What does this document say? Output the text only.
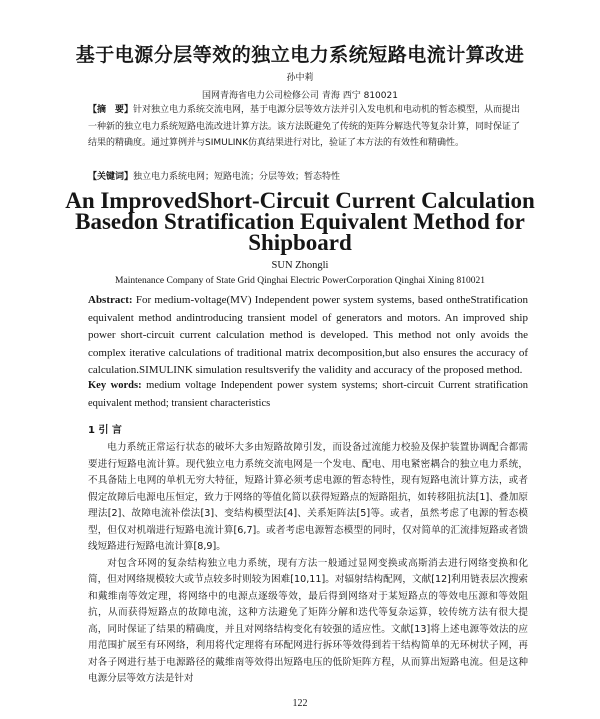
基于电源分层等效的独立电力系统短路电流计算改进
孙中莉
国网青海省电力公司检修公司 青海 西宁 810021
【摘　要】针对独立电力系统交流电网，基于电源分层等效方法并引入发电机和电动机的暂态模型，从而提出一种新的独立电力系统短路电流改进计算方法。该方法既避免了传统的矩阵分解迭代等复杂计算，同时保证了结果的精确度。通过算例并与SIMULINK仿真结果进行对比，验证了本方法的有效性和精确性。
【关键词】独立电力系统电网；短路电流；分层等效；暂态特性
An ImprovedShort-Circuit Current Calculation Basedon Stratification Equivalent Method for Shipboard
SUN Zhongli
Maintenance Company of State Grid Qinghai Electric PowerCorporation Qinghai Xining 810021
Abstract: For medium-voltage(MV) Independent power system systems, based ontheStratification equivalent method andintroducing transient model of generators and motors. An improved ship power short-circuit current calculation method is developed. This method not only avoids the complex iterative calculations of traditional matrix decomposition,but also ensures the accuracy of calculation.SIMULINK simulation resultsverify the validity and accuracy of the proposed method.
Key words: medium voltage Independent power system systems; short-circuit Current stratification equivalent method; transient characteristics
1 引 言

电力系统正常运行状态的破坏大多由短路故障引发，而设备过流能力校验及保护装置协调配合都需要进行短路电流计算。现代独立电力系统交流电网是一个发电、配电、用电紧密耦合的独立电力系统，不具备陆上电网的单机无穷大特征，短路计算必须考虑电源的暂态特性，现有短路电流计算方法，或者假定故障后电源电压恒定，致力于网络的等值化简以获得短路点的短路阻抗，如转移阻抗法[1]、叠加原理法[2]、故障电流补偿法[3]、变结构模型法[4]、关系矩阵法[5]等。或者，虽然考虑了电源的暂态模型，但仅对机端进行短路电流计算[6,7]。或者考虑电源暂态模型的同时，仅对简单的汇流排短路或者馈线短路进行短路电流计算[8,9]。

对包含环网的复杂结构独立电力系统，现有方法一般通过显网变换或高斯消去进行网络变换和化简，但对网络规模较大或节点较多时则较为困难[10,11]。对辐射结构配网，文献[12]利用链表层次搜索和戴维南等效定理，将网络中的电源点逐级等效，最后得到网络对于某短路点的等效电压源和等效阻抗，从而获得短路点的故障电流，这种方法避免了矩阵分解和迭代等复杂运算，较传统方法有很大提高，同时保证了结果的精确度，并且对网络结构变化有较强的适应性。文献[13]将上述电源等效法的应用范围扩展至有环网络，利用将代定理将有环配网进行拆环等效得到若干结构简单的无环树状子网，再对各子网进行基于电源路径的戴维南等效得出短路电压的低阶矩阵方程，从而算出短路电流。但是这种电源分层等效方法是针对

122
